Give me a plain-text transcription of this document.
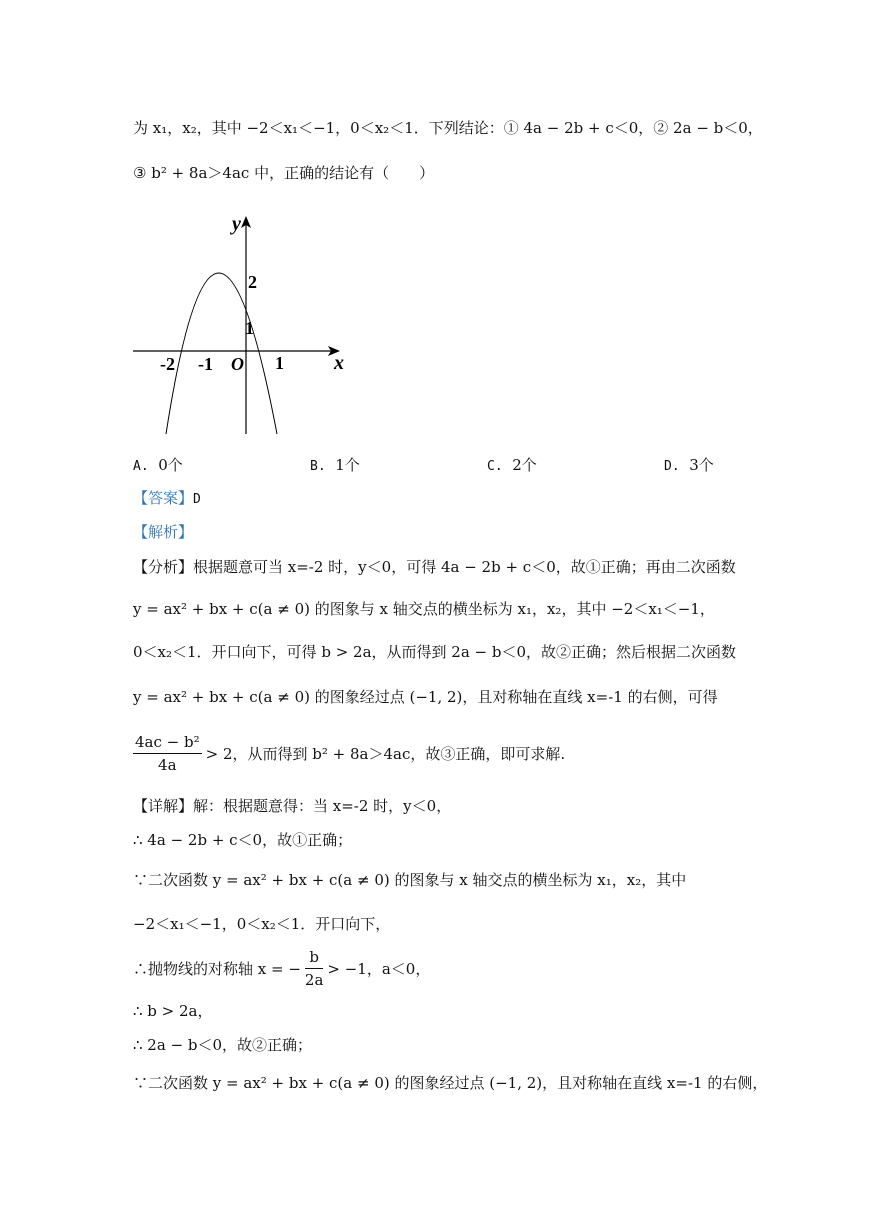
为 x₁，x₂，其中 −2＜x₁＜−1，0＜x₂＜1．下列结论：① 4a − 2b + c＜0，② 2a − b＜0，
③ b² + 8a＞4ac 中，正确的结论有（　　）
y
x
O
-2 -1	1
2
1
A. 0个	B. 1个	C. 2个	D. 3个
【答案】D
【解析】
【分析】根据题意可当 x=-2 时，y＜0，可得 4a − 2b + c＜0，故①正确；再由二次函数
y = ax² + bx + c(a ≠ 0) 的图象与 x 轴交点的横坐标为 x₁，x₂，其中 −2＜x₁＜−1，
0＜x₂＜1．开口向下，可得 b > 2a，从而得到 2a − b＜0，故②正确；然后根据二次函数
y = ax² + bx + c(a ≠ 0) 的图象经过点 (−1, 2)，且对称轴在直线 x=-1 的右侧，可得
4ac − b²
4a
> 2，从而得到 b² + 8a＞4ac，故③正确，即可求解.
【详解】解：根据题意得：当 x=-2 时，y＜0，
∴ 4a − 2b + c＜0，故①正确；
∵二次函数 y = ax² + bx + c(a ≠ 0) 的图象与 x 轴交点的横坐标为 x₁，x₂，其中
−2＜x₁＜−1，0＜x₂＜1．开口向下，
∴抛物线的对称轴 x = −
b
2a
> −1，a＜0，
∴ b > 2a，
∴ 2a − b＜0，故②正确；
∵二次函数 y = ax² + bx + c(a ≠ 0) 的图象经过点 (−1, 2)，且对称轴在直线 x=-1 的右侧，
